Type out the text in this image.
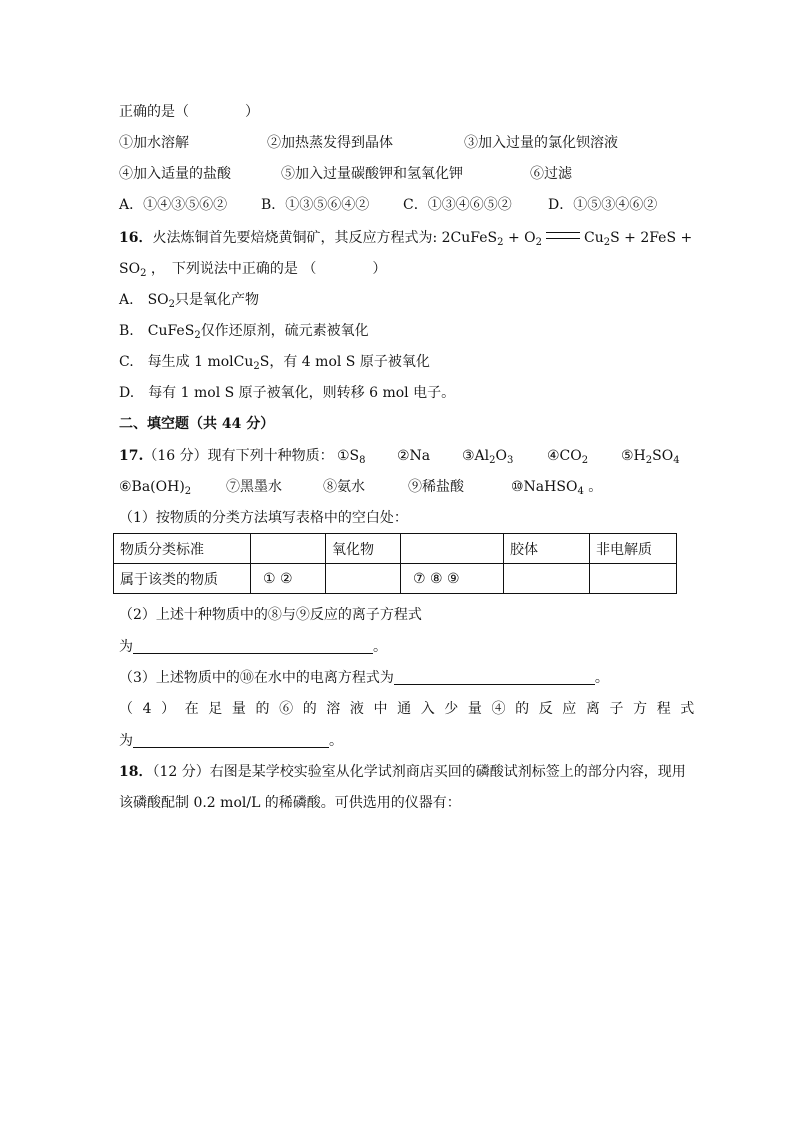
正确的是（　　　　）
①加水溶解	②加热蒸发得到晶体	③加入过量的氯化钡溶液
④加入适量的盐酸	⑤加入过量碳酸钾和氢氧化钾	⑥过滤
A．①④③⑤⑥② B．①③⑤⑥④② C．①③④⑥⑤②	D．①⑤③④⑥②
16．火法炼铜首先要焙烧黄铜矿，其反应方程式为: 2CuFeS$_2$ + $O_2$	$Cu_2S + 2FeS$ +
$SO_2$ ，　下列说法中正确的是 （　　　　）
A. $SO_2$只是氧化产物
B. CuFeS$_2$仅作还原剂，硫元素被氧化
C. 每生成 1 molCu$_2$S，有 4 mol S 原子被氧化
D. 每有 1 mol S 原子被氧化，则转移 6 mol 电子。
二、填空题（共 44 分）
17.（16 分）现有下列十种物质： $①S_8$ ②Na $③Al_2O_3$ $④CO_2$ $⑤H_2SO_4$
$⑥Ba(OH)_2$ ⑦黑墨水	⑧氨水	⑨稀盐酸	⑩NaHSO$_4$ 。
（1）按物质的分类方法填写表格中的空白处：
物质分类标准		氧化物		胶体	非电解质
属于该类的物质	① ②		⑦ ⑧ ⑨		
（2）上述十种物质中的⑧与⑨反应的离子方程式
为	。
（3）上述物质中的⑩在水中的电离方程式为	。
（4）在足量的⑥的溶液中通入少量④的反应离子方程式
为	。
18．（12 分）右图是某学校实验室从化学试剂商店买回的磷酸试剂标签上的部分内容，现用
该磷酸配制 0.2 mol/L 的稀磷酸。可供选用的仪器有：
